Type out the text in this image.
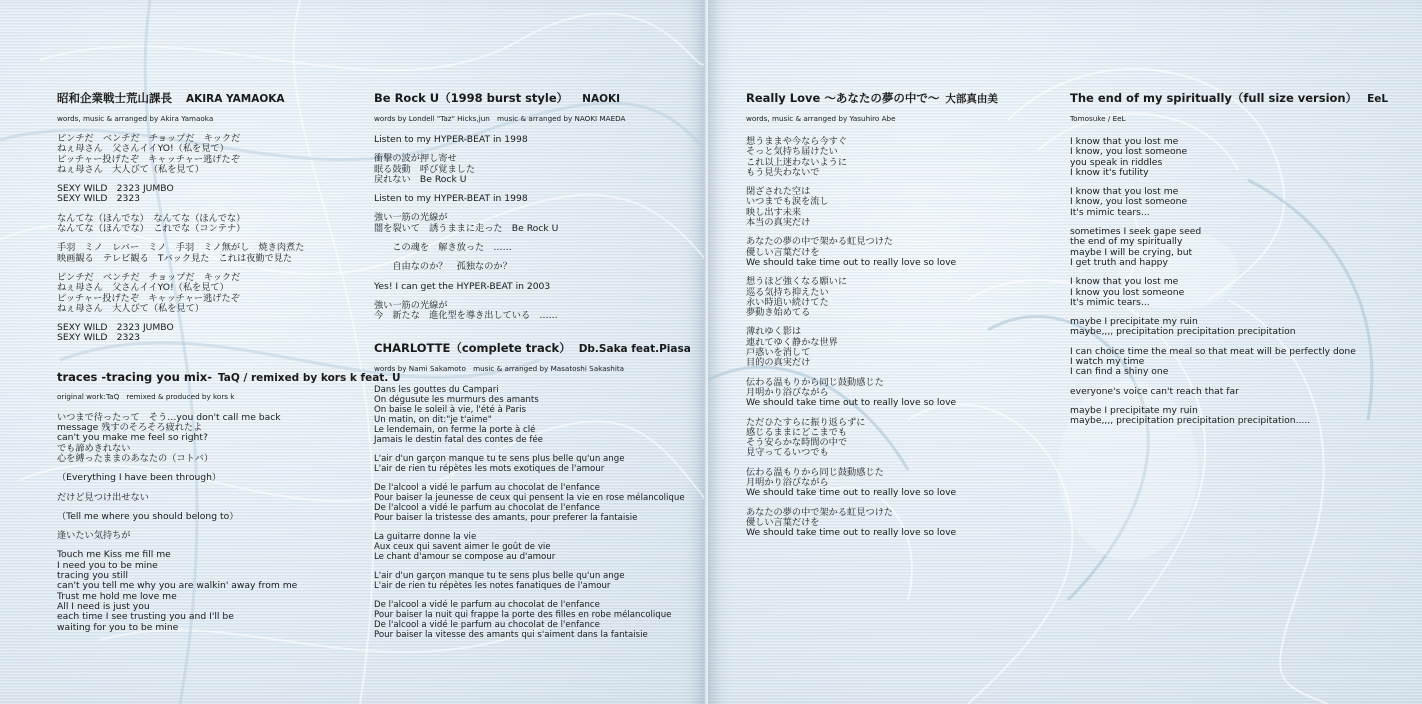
昭和企業戦士荒山課長 AKIRA YAMAOKA
words, music & arranged by Akira Yamaoka
ピンチだ　ベンチだ　チョップだ　キックだ
ねぇ母さん　父さんイイYO!（私を見て）
ピッチャー投げたぞ　キャッチャー逃げたぞ
ねぇ母さん　大人びて（私を見て）
SEXY WILD　2323 JUMBO
SEXY WILD　2323
なんてな（ほんでな）　なんてな（ほんでな）
なんてな（ほんでな）　これでな（コンテナ）
手羽　ミノ　レバー　ミノ　手羽　ミノ無がし　焼き肉煮た
映画観る　テレビ観る　Tバック見た　これは夜勤で見た
ピンチだ　ベンチだ　チョップだ　キックだ
ねぇ母さん　父さんイイYO!（私を見て）
ピッチャー投げたぞ　キャッチャー逃げたぞ
ねぇ母さん　大人びて（私を見て）
SEXY WILD　2323 JUMBO
SEXY WILD　2323
traces -tracing you mix- TaQ / remixed by kors k feat. U
original work:TaQ　remixed & produced by kors k
いつまで待ったって　そう…you don't call me back
message 残すのそろそろ疲れたよ
can't you make me feel so right?
でも諦めきれない
心を縛ったままのあなたの（コトバ）
（Everything I have been through）
だけど見つけ出せない
（Tell me where you should belong to）
逢いたい気持ちが
Touch me Kiss me fill me
I need you to be mine
tracing you still
can't you tell me why you are walkin' away from me
Trust me hold me love me
All I need is just you
each time I see trusting you and I'll be
waiting for you to be mine
Be Rock U（1998 burst style） NAOKI
words by Londell "Taz" Hicks,jun　music & arranged by NAOKI MAEDA
Listen to my HYPER-BEAT in 1998
衝撃の波が押し寄せ
眠る鼓動　呼び覚ました
戻れない　Be Rock U
Listen to my HYPER-BEAT in 1998
強い一筋の光線が
闇を裂いて　誘うままに走った　Be Rock U
　　この魂を　解き放った　……
　　自由なのか？　孤独なのか？
Yes! I can get the HYPER-BEAT in 2003
強い一筋の光線が
今　新たな　進化型を導き出している　……
CHARLOTTE（complete track） Db.Saka feat.Piasa
words by Nami Sakamoto　music & arranged by Masatoshi Sakashita
Dans les gouttes du Campari
On dégusute les murmurs des amants
On baise le soleil à vie, l'été à Paris
Un matin, on dit:"je t'aime"
Le lendemain, on ferme la porte à clé
Jamais le destin fatal des contes de fée
L'air d'un garçon manque tu te sens plus belle qu'un ange
L'air de rien tu répètes les mots exotiques de l'amour
De l'alcool a vidé le parfum au chocolat de l'enfance
Pour baiser la jeunesse de ceux qui pensent la vie en rose mélancolique
De l'alcool a vidé le parfum au chocolat de l'enfance
Pour baiser la tristesse des amants, pour preferer la fantaisie
La guitarre donne la vie
Aux ceux qui savent aimer le goût de vie
Le chant d'amour se compose au d'amour
L'air d'un garçon manque tu te sens plus belle qu'un ange
L'air de rien tu répètes les notes fanatiques de l'amour
De l'alcool a vidé le parfum au chocolat de l'enfance
Pour baiser la nuit qui frappe la porte des filles en robe mélancolique
De l'alcool a vidé le parfum au chocolat de l'enfance
Pour baiser la vitesse des amants qui s'aiment dans la fantaisie
Really Love ～あなたの夢の中で～ 大部真由美
words, music & arranged by Yasuhiro Abe
想うままや今なら今すぐ
そっと気持ち届けたい
これ以上迷わないように
もう見失わないで
閉ざされた空は
いつまでも涙を流し
映し出す未来
本当の真実だけ
あなたの夢の中で架かる虹見つけた
優しい言葉だけを
We should take time out to really love so love
想うほど強くなる願いに
巡る気持ち抑えたい
永い時追い続けてた
夢動き始めてる
薄れゆく影は
連れてゆく静かな世界
戸惑いを消して
目的の真実だけ
伝わる温もりから同じ鼓動感じた
月明かり浴びながら
We should take time out to really love so love
ただひたすらに振り返らずに
感じるままにどこまでも
そう安らかな時間の中で
見守ってるいつでも
伝わる温もりから同じ鼓動感じた
月明かり浴びながら
We should take time out to really love so love
あなたの夢の中で架かる虹見つけた
優しい言葉だけを
We should take time out to really love so love
The end of my spiritually（full size version） EeL
Tomosuke / EeL
I know that you lost me
I know, you lost someone
you speak in riddles
I know it's futility
I know that you lost me
I know, you lost someone
It's mimic tears...
sometimes I seek gape seed
the end of my spiritually
maybe I will be crying, but
I get truth and happy
I know that you lost me
I know you lost someone
It's mimic tears...
maybe I precipitate my ruin
maybe,,,, precipitation precipitation precipitation
I can choice time the meal so that meat will be perfectly done
I watch my time
I can find a shiny one
everyone's voice can't reach that far
maybe I precipitate my ruin
maybe,,,, precipitation precipitation precipitation.....
